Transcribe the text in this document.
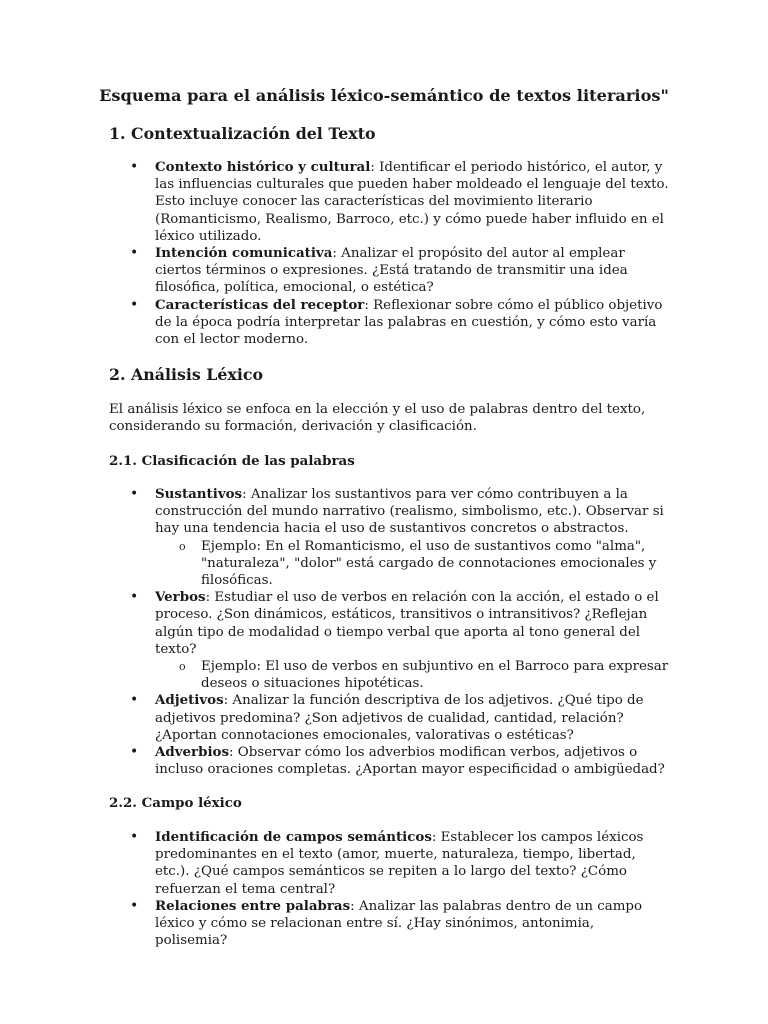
Esquema para el análisis léxico-semántico de textos literarios"
1. Contextualización del Texto
• Contexto histórico y cultural: Identificar el periodo histórico, el autor, y las influencias culturales que pueden haber moldeado el lenguaje del texto. Esto incluye conocer las características del movimiento literario (Romanticismo, Realismo, Barroco, etc.) y cómo puede haber influido en el léxico utilizado.
• Intención comunicativa: Analizar el propósito del autor al emplear ciertos términos o expresiones. ¿Está tratando de transmitir una idea filosófica, política, emocional, o estética?
• Características del receptor: Reflexionar sobre cómo el público objetivo de la época podría interpretar las palabras en cuestión, y cómo esto varía con el lector moderno.
2. Análisis Léxico
El análisis léxico se enfoca en la elección y el uso de palabras dentro del texto, considerando su formación, derivación y clasificación.
2.1. Clasificación de las palabras
• Sustantivos: Analizar los sustantivos para ver cómo contribuyen a la construcción del mundo narrativo (realismo, simbolismo, etc.). Observar si hay una tendencia hacia el uso de sustantivos concretos o abstractos.
o Ejemplo: En el Romanticismo, el uso de sustantivos como "alma", "naturaleza", "dolor" está cargado de connotaciones emocionales y filosóficas.
• Verbos: Estudiar el uso de verbos en relación con la acción, el estado o el proceso. ¿Son dinámicos, estáticos, transitivos o intransitivos? ¿Reflejan algún tipo de modalidad o tiempo verbal que aporta al tono general del texto?
o Ejemplo: El uso de verbos en subjuntivo en el Barroco para expresar deseos o situaciones hipotéticas.
• Adjetivos: Analizar la función descriptiva de los adjetivos. ¿Qué tipo de adjetivos predomina? ¿Son adjetivos de cualidad, cantidad, relación? ¿Aportan connotaciones emocionales, valorativas o estéticas?
• Adverbios: Observar cómo los adverbios modifican verbos, adjetivos o incluso oraciones completas. ¿Aportan mayor especificidad o ambigüedad?
2.2. Campo léxico
• Identificación de campos semánticos: Establecer los campos léxicos predominantes en el texto (amor, muerte, naturaleza, tiempo, libertad, etc.). ¿Qué campos semánticos se repiten a lo largo del texto? ¿Cómo refuerzan el tema central?
• Relaciones entre palabras: Analizar las palabras dentro de un campo léxico y cómo se relacionan entre sí. ¿Hay sinónimos, antonimia, polisemia?
